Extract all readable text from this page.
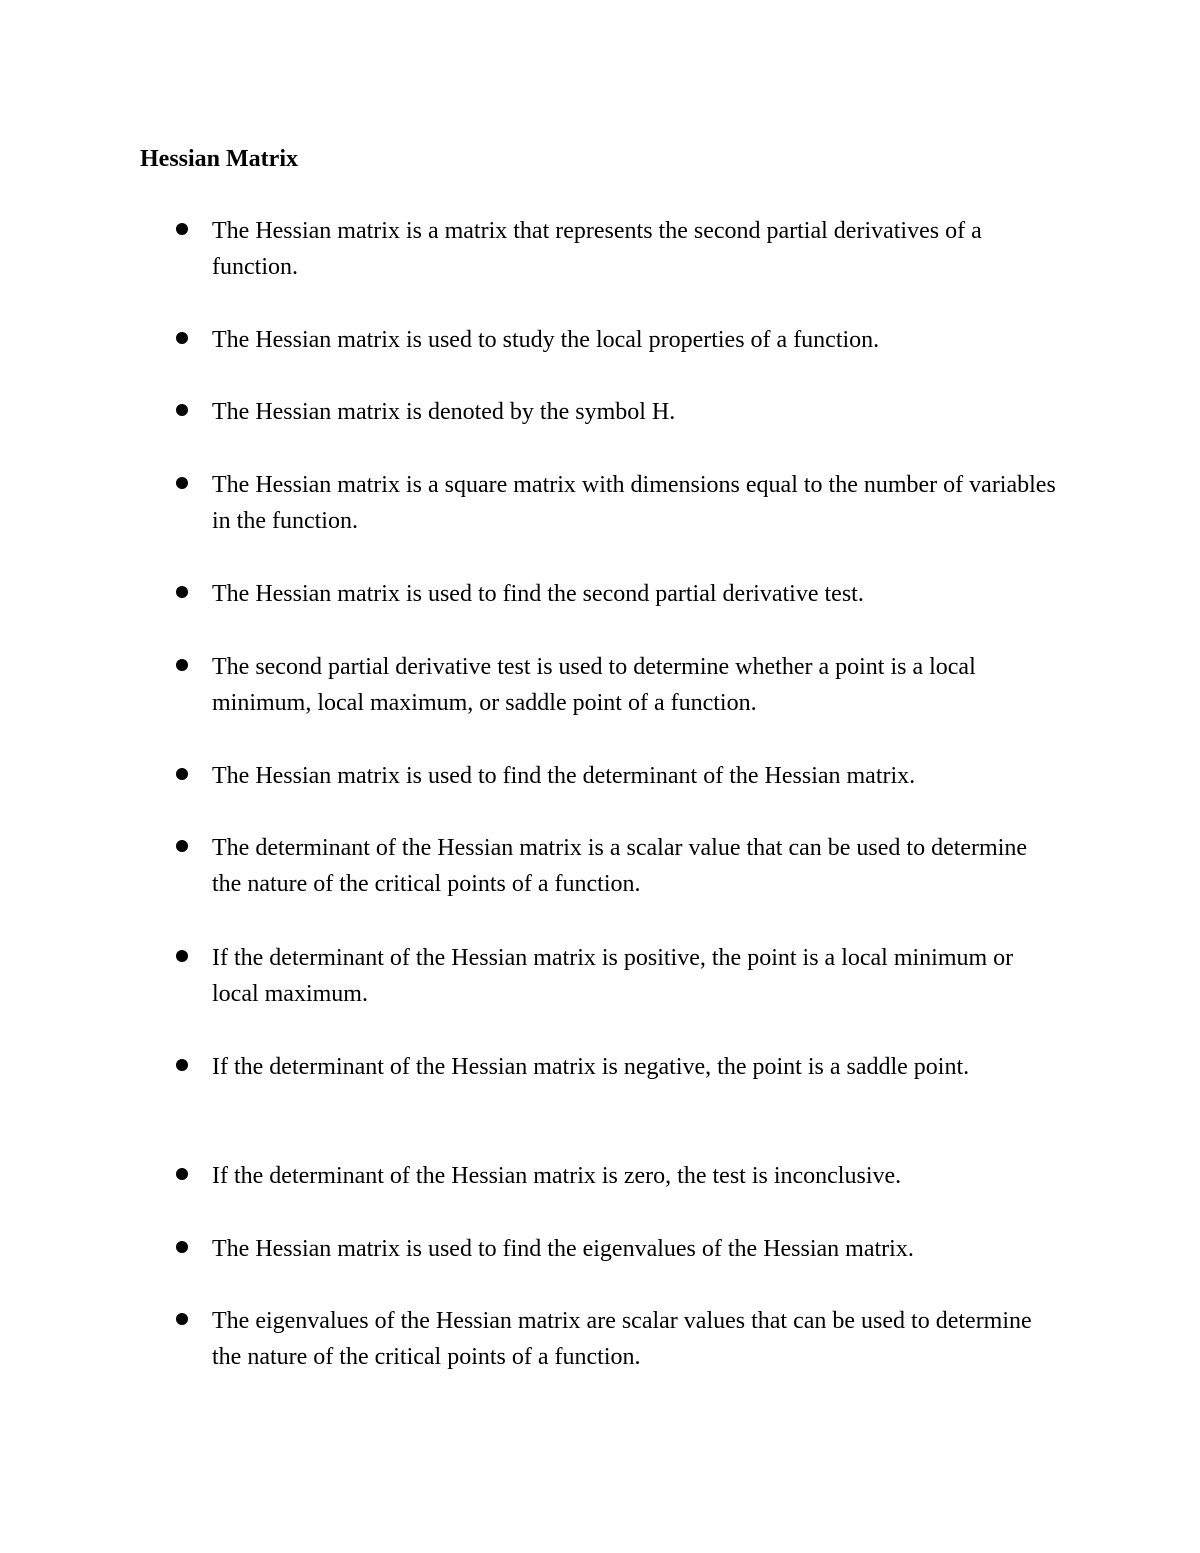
Hessian Matrix
The Hessian matrix is a matrix that represents the second partial derivatives of a function.
The Hessian matrix is used to study the local properties of a function.
The Hessian matrix is denoted by the symbol H.
The Hessian matrix is a square matrix with dimensions equal to the number of variables in the function.
The Hessian matrix is used to find the second partial derivative test.
The second partial derivative test is used to determine whether a point is a local minimum, local maximum, or saddle point of a function.
The Hessian matrix is used to find the determinant of the Hessian matrix.
The determinant of the Hessian matrix is a scalar value that can be used to determine the nature of the critical points of a function.
If the determinant of the Hessian matrix is positive, the point is a local minimum or local maximum.
If the determinant of the Hessian matrix is negative, the point is a saddle point.
If the determinant of the Hessian matrix is zero, the test is inconclusive.
The Hessian matrix is used to find the eigenvalues of the Hessian matrix.
The eigenvalues of the Hessian matrix are scalar values that can be used to determine the nature of the critical points of a function.
